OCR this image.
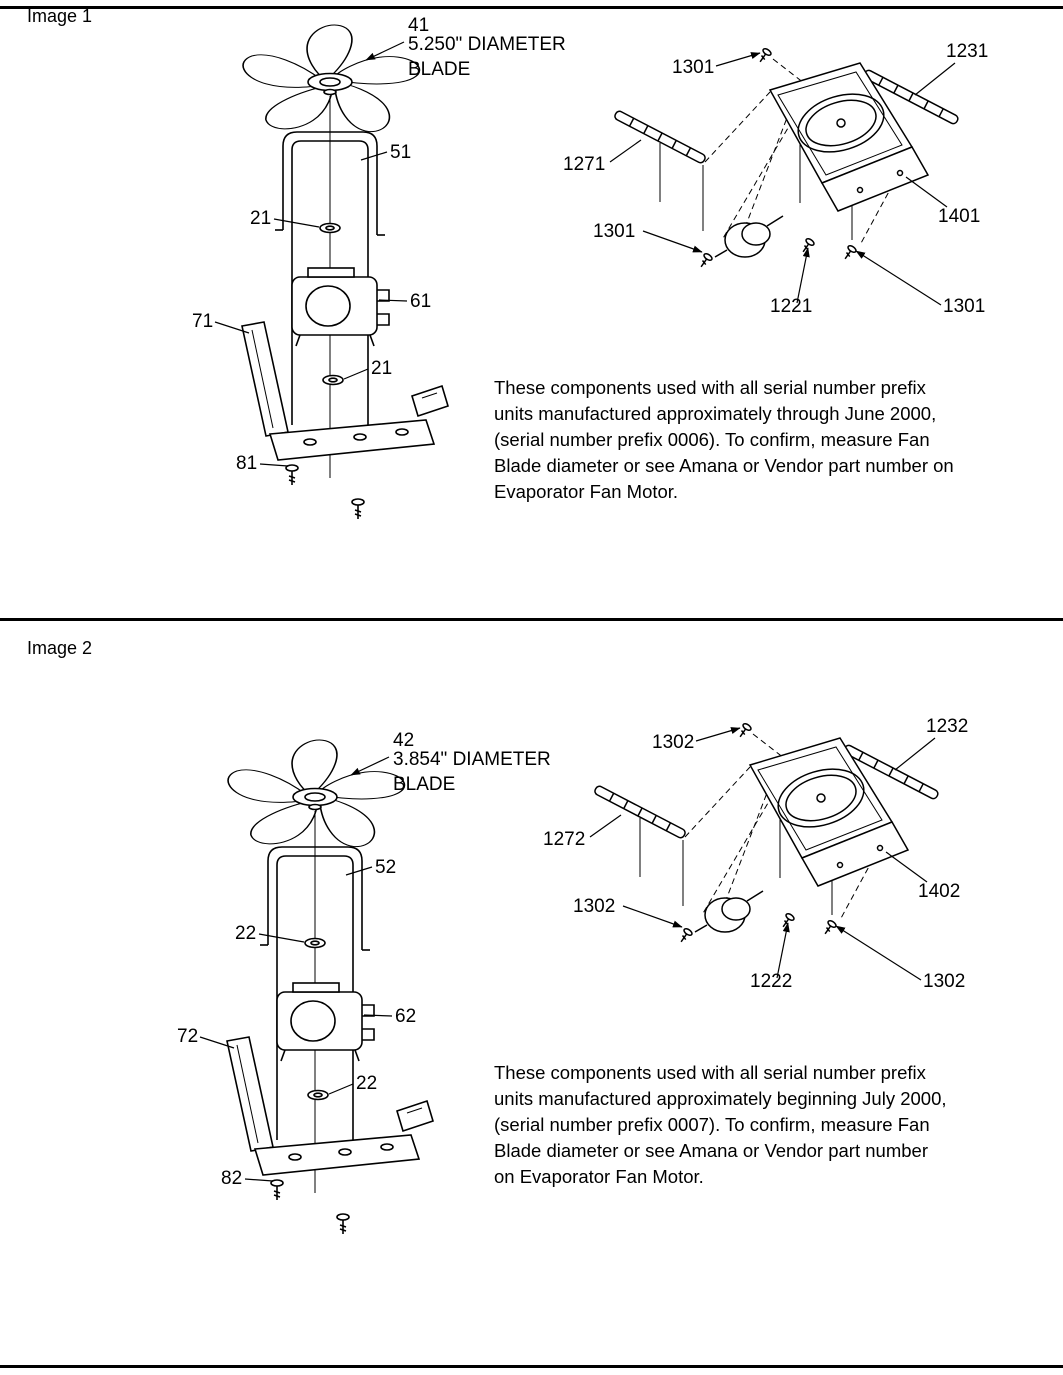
Image 1	41
5.250" DIAMETER
BLADE
51
21
61
71
21
81
1301
1231
1271
1401
1301
1221	1301
These components used with all serial number prefix
units manufactured approximately through June 2000,
(serial number prefix 0006). To confirm, measure Fan
Blade diameter or see Amana or Vendor part number on
Evaporator Fan Motor.
Image 2
42
3.854" DIAMETER
BLADE
52
22
62
72
22
82
1302
1232
1272
1402
1302
1222	1302
These components used with all serial number prefix
units manufactured approximately beginning July 2000,
(serial number prefix 0007). To confirm, measure Fan
Blade diameter or see Amana or Vendor part number
on Evaporator Fan Motor.
